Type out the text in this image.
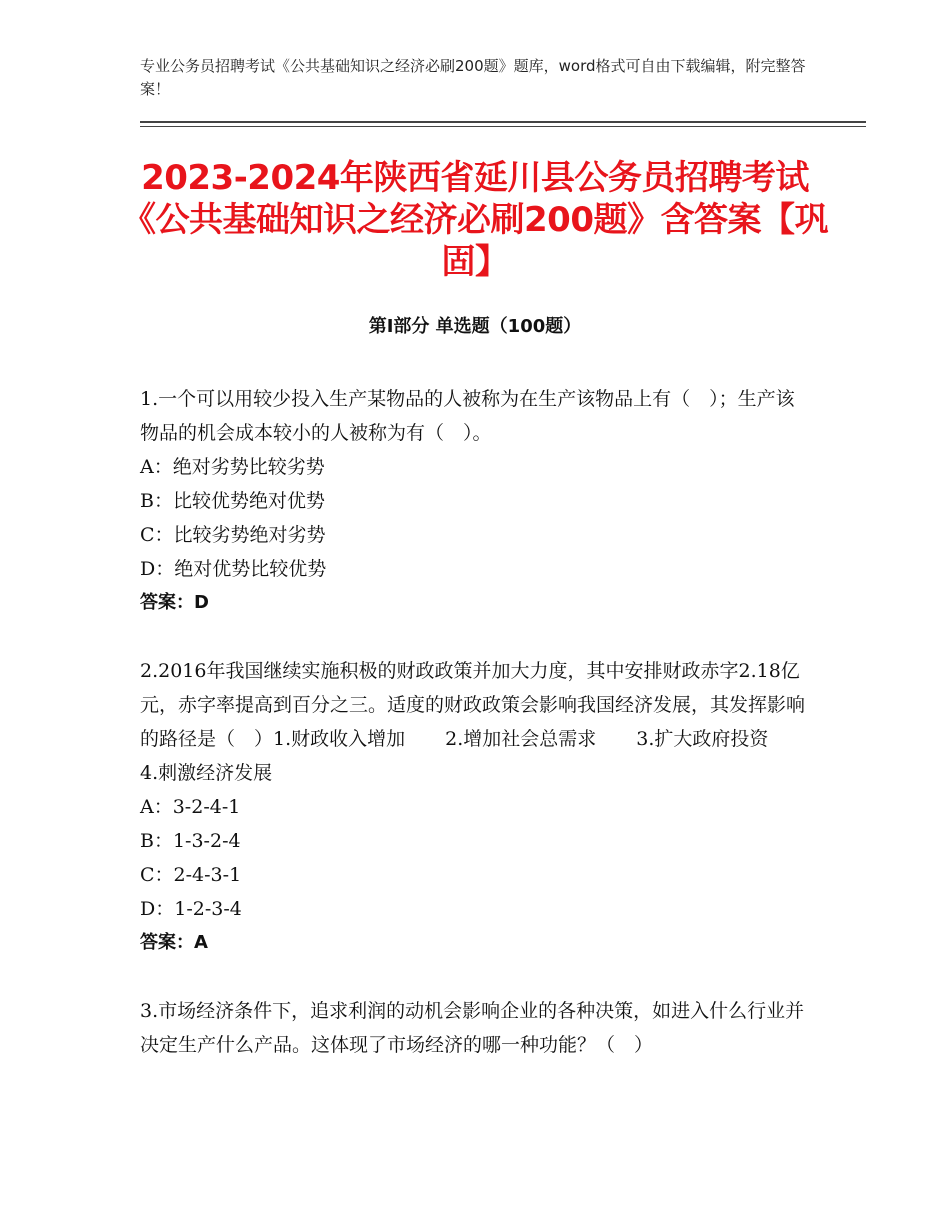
专业公务员招聘考试《公共基础知识之经济必刷200题》题库，word格式可自由下载编辑，附完整答案！
2023-2024年陕西省延川县公务员招聘考试《公共基础知识之经济必刷200题》含答案【巩固】
第Ⅰ部分 单选题（100题）

1.一个可以用较少投入生产某物品的人被称为在生产该物品上有（　）；生产该物品的机会成本较小的人被称为有（　）。

A：绝对劣势比较劣势

B：比较优势绝对优势

C：比较劣势绝对劣势

D：绝对优势比较优势

答案：D

2.2016年我国继续实施积极的财政政策并加大力度，其中安排财政赤字2.18亿元，赤字率提高到百分之三。适度的财政政策会影响我国经济发展，其发挥影响的路径是（　）1.财政收入增加 2.增加社会总需求 3.扩大政府投资4.刺激经济发展

A：3-2-4-1

B：1-3-2-4

C：2-4-3-1

D：1-2-3-4

答案：A

3.市场经济条件下，追求利润的动机会影响企业的各种决策，如进入什么行业并决定生产什么产品。这体现了市场经济的哪一种功能？（　）
